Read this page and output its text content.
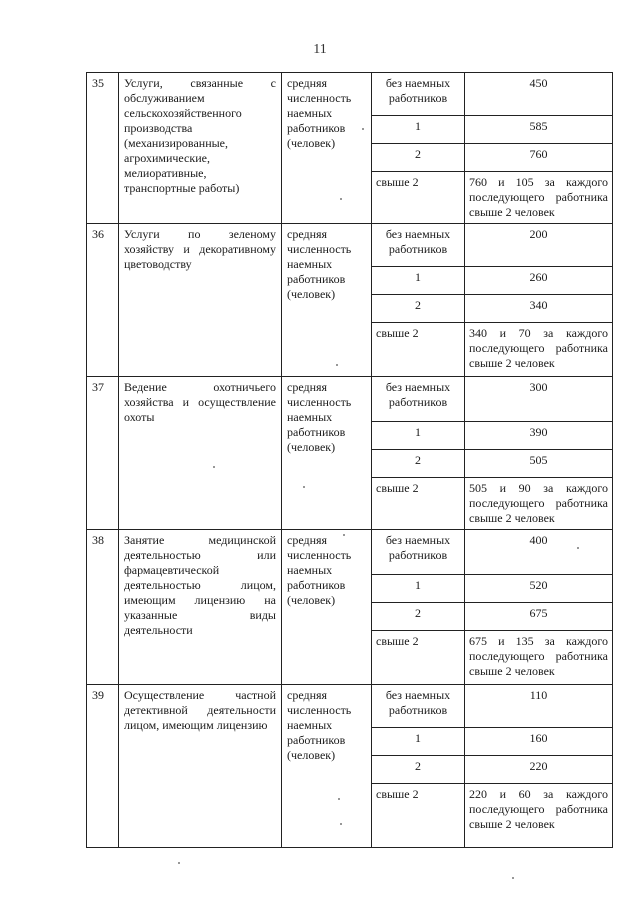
11
35	Услуги, связанные с обслуживанием сельскохозяйственного производства (механизированные, агрохимические, мелиоративные, транспортные работы)	средняя численность наемных работников (человек)	без наемных работников	450
			1	585
			2	760
			свыше 2	760 и 105 за каждого последующего работника свыше 2 человек
36	Услуги по зеленому хозяйству и декоративному цветоводству	средняя численность наемных работников (человек)	без наемных работников	200
			1	260
			2	340
			свыше 2	340 и 70 за каждого последующего работника свыше 2 человек
37	Ведение охотничьего хозяйства и осуществление охоты	средняя численность наемных работников (человек)	без наемных работников	300
			1	390
			2	505
			свыше 2	505 и 90 за каждого последующего работника свыше 2 человек
38	Занятие медицинской деятельностью или фармацевтической деятельностью лицом, имеющим лицензию на указанные виды деятельности	средняя численность наемных работников (человек)	без наемных работников	400
			1	520
			2	675
			свыше 2	675 и 135 за каждого последующего работника свыше 2 человек
39	Осуществление частной детективной деятельности лицом, имеющим лицензию	средняя численность наемных работников (человек)	без наемных работников	110
			1	160
			2	220
			свыше 2	220 и 60 за каждого последующего работника свыше 2 человек
